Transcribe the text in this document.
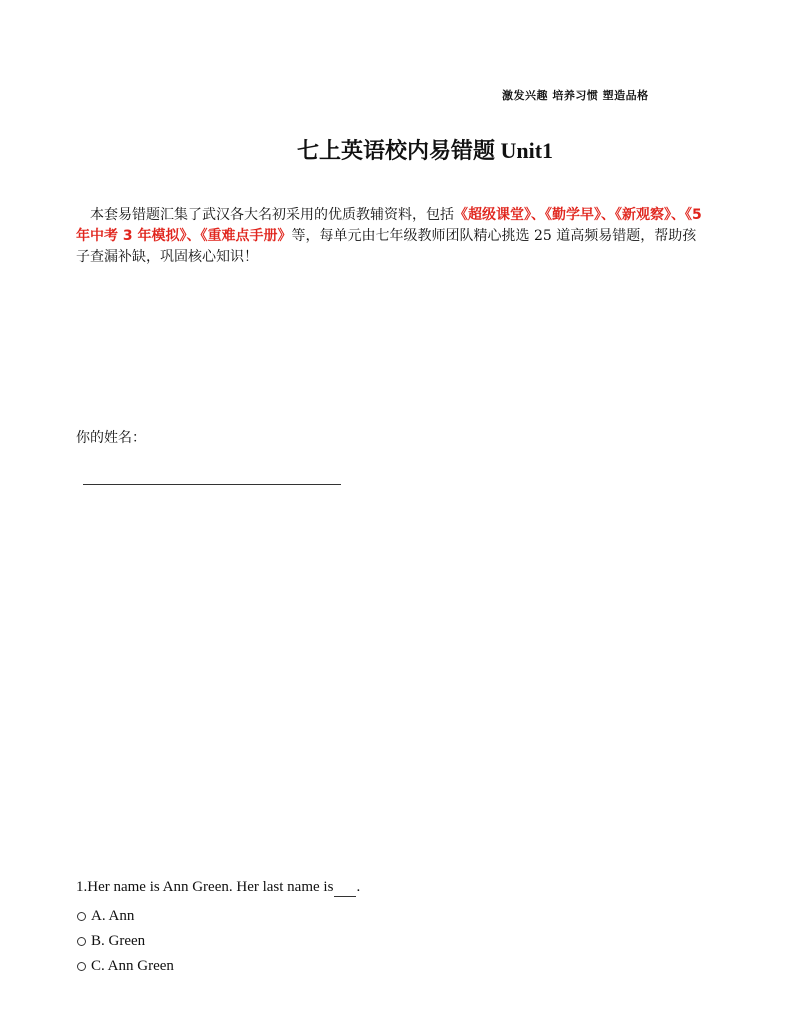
激发兴趣 培养习惯 塑造品格
七上英语校内易错题 Unit1
　本套易错题汇集了武汉各大名初采用的优质教辅资料，包括《超级课堂》、《勤学早》、《新观察》、《5 年中考 3 年模拟》、《重难点手册》等，每单元由七年级教师团队精心挑选 25 道高频易错题，帮助孩子查漏补缺，巩固核心知识！
你的姓名：
1.Her name is Ann Green. Her last name is .
A. Ann
B. Green
C. Ann Green
